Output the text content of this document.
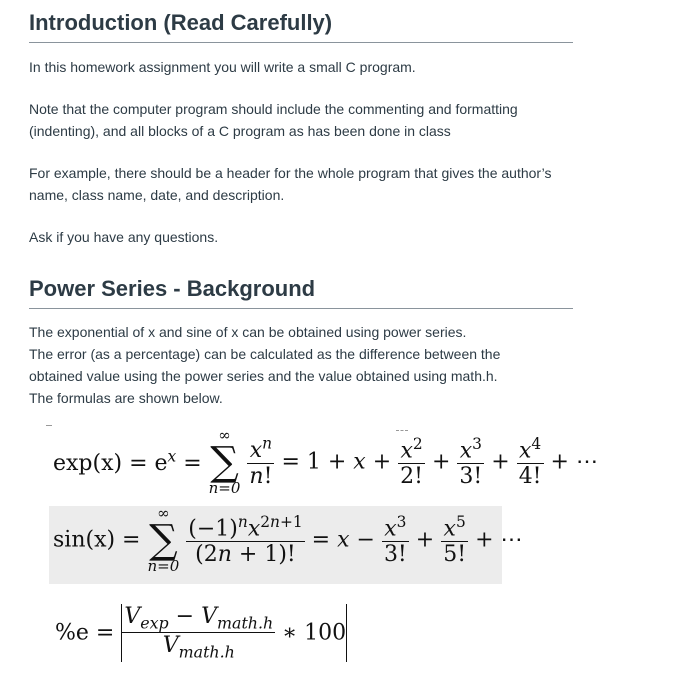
Introduction (Read Carefully)

In this homework assignment you will write a small C program.

Note that the computer program should include the commenting and formatting (indenting), and all blocks of a C program as has been done in class

For example, there should be a header for the whole program that gives the author’s name, class name, date, and description.

Ask if you have any questions.

Power Series - Background

The exponential of x and sine of x can be obtained using power series.
The error (as a percentage) can be calculated as the difference between the
obtained value using the power series and the value obtained using math.h.
The formulas are shown below.

$\exp(x) = e^x$ =
∞
∑
n=0
$\frac{x^n}{n!} = 1 + x + \frac{x^2}{2!} + \frac{x^3}{3!} + \frac{x^4}{4!}$ + ⋯
sin(x) =
∞
∑
n=0
$\frac{(-1)^nx^{2n+1}}{(2n + 1)!} = x - \frac{x^3}{3!} + \frac{x^5}{5!}$ + ⋯
$\%e = \frac{V_{exp} - V_{math.h}}{V_{math.h}}$ ∗ 100
